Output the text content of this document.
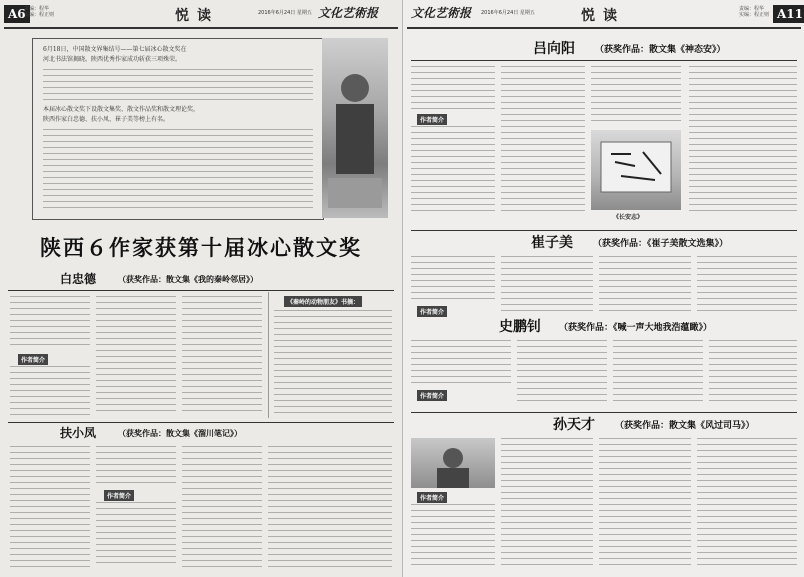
A6
责编：程华
实编：程正则	悦读	2016年6月24日 星期五 文化艺術报
6月18日，中国散文界集结号——第七届冰心散文奖在
河北书法馆揭晓。陕西优秀作家成功斩获三项殊荣。
本届冰心散文奖下设散文集奖、散文作品奖和散文理论奖，
陕西作家白忠德、扶小凤、崔子美等榜上有名。
陕西６作家获第十届冰心散文奖
白忠德	（获奖作品：散文集《我的秦岭邻居》）
作者简介
《秦岭的动物朋友》书摘：
扶小凤	（获奖作品：散文集《溜川笔记》）
作者简介
文化艺術报 2016年6月24日 星期五	悦读	责编：程华
实编：程正则 A11
吕向阳 （获奖作品：散文集《神态安》）
作者简介
《长安志》
崔子美 （获奖作品：《崔子美散文选集》）
作者简介
史鹏钊 （获奖作品：《喊一声大地我浩蕴瞰》）
作者简介
孙天才 （获奖作品：散文集《风过司马》）
作者简介
